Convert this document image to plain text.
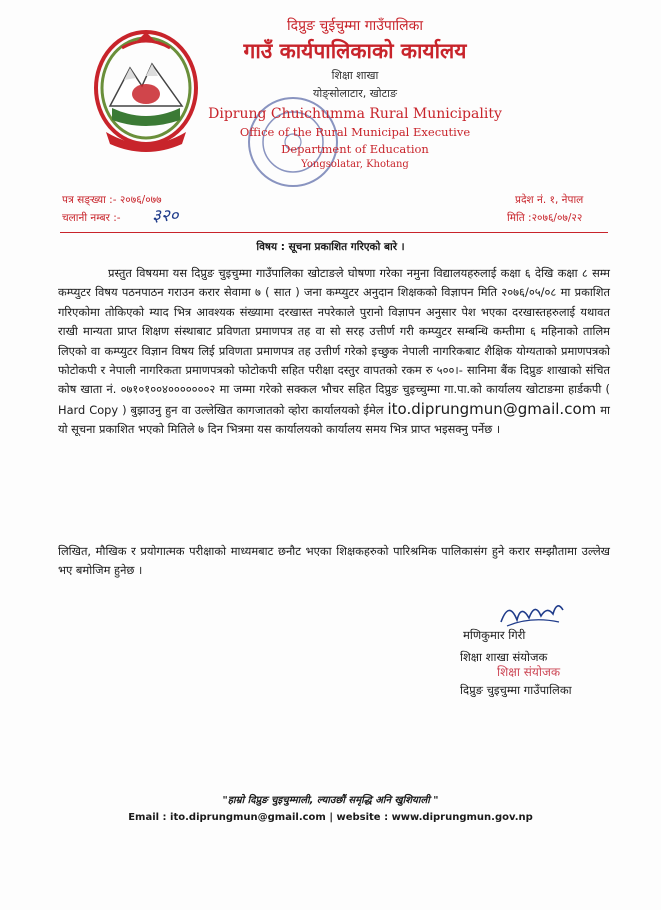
दिप्रुङ चुईचुम्मा गाउँपालिका
गाउँ कार्यपालिकाको कार्यालय
शिक्षा शाखा
योङ्सोलाटार, खोटाङ
Diprung Chuichumma Rural Municipality
Office of the Rural Municipal Executive
Department of Education
Yongsolatar, Khotang
पत्र सङ्ख्या :- २०७६/०७७
चलानी नम्बर :- ३२०
प्रदेश नं. १, नेपाल
मिति :२०७६/०७/२२
विषय : सूचना प्रकाशित गरिएको बारे ।
प्रस्तुत विषयमा यस दिप्रुङ चुइचुम्मा गाउँपालिका खोटाङले घोषणा गरेका नमुना विद्यालयहरुलाई कक्षा ६ देखि कक्षा ८ सम्म कम्प्युटर विषय पठनपाठन गराउन करार सेवामा ७ ( सात ) जना कम्प्युटर अनुदान शिक्षकको विज्ञापन मिति २०७६/०५/०८ मा प्रकाशित गरिएकोमा तोकिएको म्याद भित्र आवश्यक संख्यामा दरखास्त नपरेकाले पुरानो विज्ञापन अनुसार पेश भएका दरखास्तहरुलाई यथावत राखी मान्यता प्राप्त शिक्षण संस्थाबाट प्रविणता प्रमाणपत्र तह वा सो सरह उत्तीर्ण गरी कम्प्युटर सम्बन्धि कम्तीमा ६ महिनाको तालिम लिएको वा कम्प्युटर विज्ञान विषय लिई प्रविणता प्रमाणपत्र तह उत्तीर्ण गरेको इच्छुक नेपाली नागरिकबाट शैक्षिक योग्यताको प्रमाणपत्रको फोटोकपी र नेपाली नागरिकता प्रमाणपत्रको फोटोकपी सहित परीक्षा दस्तुर वापतको रकम रु ५००।- सानिमा बैंक दिप्रुङ शाखाको संचित कोष खाता नं. ०७१०१००४०००००००२ मा जम्मा गरेको सक्कल भौचर सहित दिप्रुङ चुइच्चुम्मा गा.पा.को कार्यालय खोटाङमा हार्डकपी ( Hard Copy ) बुझाउनु हुन वा उल्लेखित कागजातको व्होरा कार्यालयको ईमेल ito.diprungmun@gmail.com मा यो सूचना प्रकाशित भएको मितिले ७ दिन भित्रमा यस कार्यालयको कार्यालय समय भित्र प्राप्त भइसक्नु पर्नेछ ।
लिखित, मौखिक र प्रयोगात्मक परीक्षाको माध्यमबाट छनौट भएका शिक्षकहरुको पारिश्रमिक पालिकासंग हुने करार सम्झौतामा उल्लेख भए बमोजिम हुनेछ ।
मणिकुमार गिरी
शिक्षा शाखा संयोजक
शिक्षा संयोजक
दिप्रुङ चुइचुम्मा गाउँपालिका
"हाम्रो दिप्रुङ चुइचुम्माली, ल्याउछौं समृद्धि अनि खुशियाली "
Email : ito.diprungmun@gmail.com | website : www.diprungmun.gov.np
